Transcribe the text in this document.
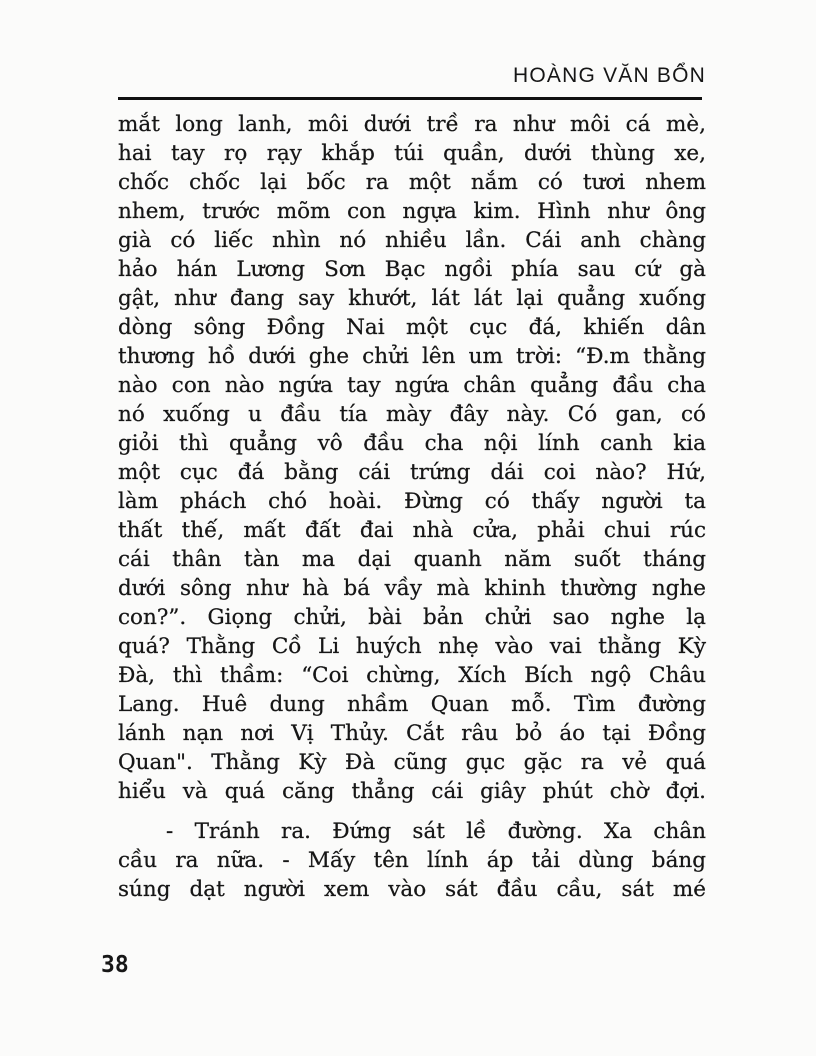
HOÀNG VĂN BỔN
mắt long lanh, môi dưới trề ra như môi cá mè,
hai tay rọ rạy khắp túi quần, dưới thùng xe,
chốc chốc lại bốc ra một nắm có tươi nhem
nhem, trước mõm con ngựa kim. Hình như ông
già có liếc nhìn nó nhiều lần. Cái anh chàng
hảo hán Lương Sơn Bạc ngồi phía sau cứ gà
gật, như đang say khướt, lát lát lại quẳng xuống
dòng sông Đồng Nai một cục đá, khiến dân
thương hồ dưới ghe chửi lên um trời: “Đ.m thằng
nào con nào ngứa tay ngứa chân quẳng đầu cha
nó xuống u đầu tía mày đây này. Có gan, có
giỏi thì quẳng vô đầu cha nội lính canh kia
một cục đá bằng cái trứng dái coi nào? Hứ,
làm phách chó hoài. Đừng có thấy người ta
thất thế, mất đất đai nhà cửa, phải chui rúc
cái thân tàn ma dại quanh năm suốt tháng
dưới sông như hà bá vầy mà khinh thường nghe
con?”. Giọng chửi, bài bản chửi sao nghe lạ
quá? Thằng Cồ Li huých nhẹ vào vai thằng Kỳ
Đà, thì thầm: “Coi chừng, Xích Bích ngộ Châu
Lang. Huê dung nhầm Quan mỗ. Tìm đường
lánh nạn nơi Vị Thủy. Cắt râu bỏ áo tại Đồng
Quan". Thằng Kỳ Đà cũng gục gặc ra vẻ quá
hiểu và quá căng thẳng cái giây phút chờ đợi.
- Tránh ra. Đứng sát lề đường. Xa chân
cầu ra nữa. - Mấy tên lính áp tải dùng báng
súng dạt người xem vào sát đầu cầu, sát mé
38
